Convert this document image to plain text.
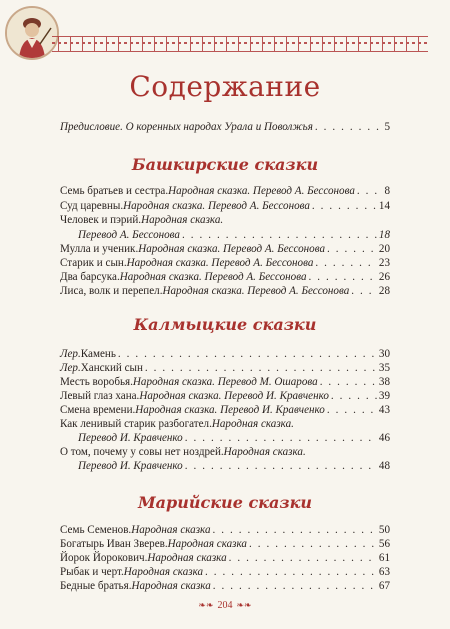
Содержание
Предисловие. О коренных народах Урала и Поволжья . . .	5
Башкирские сказки
Семь братьев и сестра. Народная сказка. Перевод А. Бессонова . . .	8
Суд царевны. Народная сказка. Перевод А. Бессонова . . .	14
Человек и пэрий. Народная сказка.
Перевод А. Бессонова . . .	18
Мулла и ученик. Народная сказка. Перевод А. Бессонова . . .	20
Старик и сын. Народная сказка. Перевод А. Бессонова . . .	23
Два барсука. Народная сказка. Перевод А. Бессонова . . .	26
Лиса, волк и перепел. Народная сказка. Перевод А. Бессонова . . .	28
Калмыцкие сказки
Лер. Камень . . .	30
Лер. Ханский сын . . .	35
Месть воробья. Народная сказка. Перевод М. Ошарова . . .	38
Левый глаз хана. Народная сказка. Перевод И. Кравченко . . .	39
Смена времени. Народная сказка. Перевод И. Кравченко . . .	43
Как ленивый старик разбогател. Народная сказка.
Перевод И. Кравченко . . .	46
О том, почему у совы нет ноздрей. Народная сказка.
Перевод И. Кравченко . . .	48
Марийские сказки
Семь Семенов. Народная сказка . . .	50
Богатырь Иван Зверев. Народная сказка . . .	56
Йорок Йорокович. Народная сказка . . .	61
Рыбак и черт. Народная сказка . . .	63
Бедные братья. Народная сказка . . .	67
❧❧ 204 ❧❧
